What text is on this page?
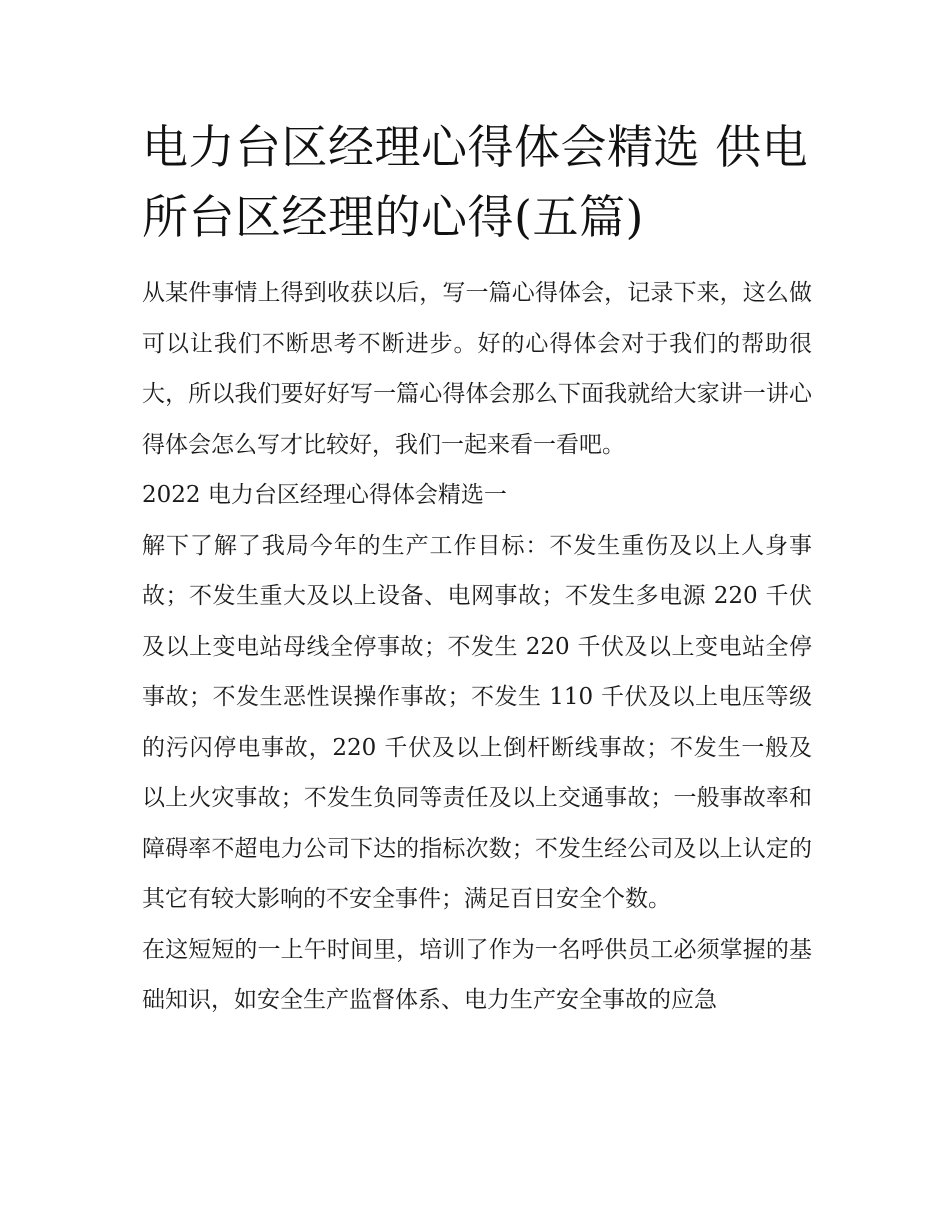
电力台区经理心得体会精选 供电所台区经理的心得(五篇)

从某件事情上得到收获以后，写一篇心得体会，记录下来，这么做可以让我们不断思考不断进步。好的心得体会对于我们的帮助很大，所以我们要好好写一篇心得体会那么下面我就给大家讲一讲心得体会怎么写才比较好，我们一起来看一看吧。

2022 电力台区经理心得体会精选一

解下了解了我局今年的生产工作目标：不发生重伤及以上人身事故；不发生重大及以上设备、电网事故；不发生多电源 220 千伏及以上变电站母线全停事故；不发生 220 千伏及以上变电站全停事故；不发生恶性误操作事故；不发生 110 千伏及以上电压等级的污闪停电事故，220 千伏及以上倒杆断线事故；不发生一般及以上火灾事故；不发生负同等责任及以上交通事故；一般事故率和障碍率不超电力公司下达的指标次数；不发生经公司及以上认定的其它有较大影响的不安全事件；满足百日安全个数。

在这短短的一上午时间里，培训了作为一名呼供员工必须掌握的基础知识，如安全生产监督体系、电力生产安全事故的应急
